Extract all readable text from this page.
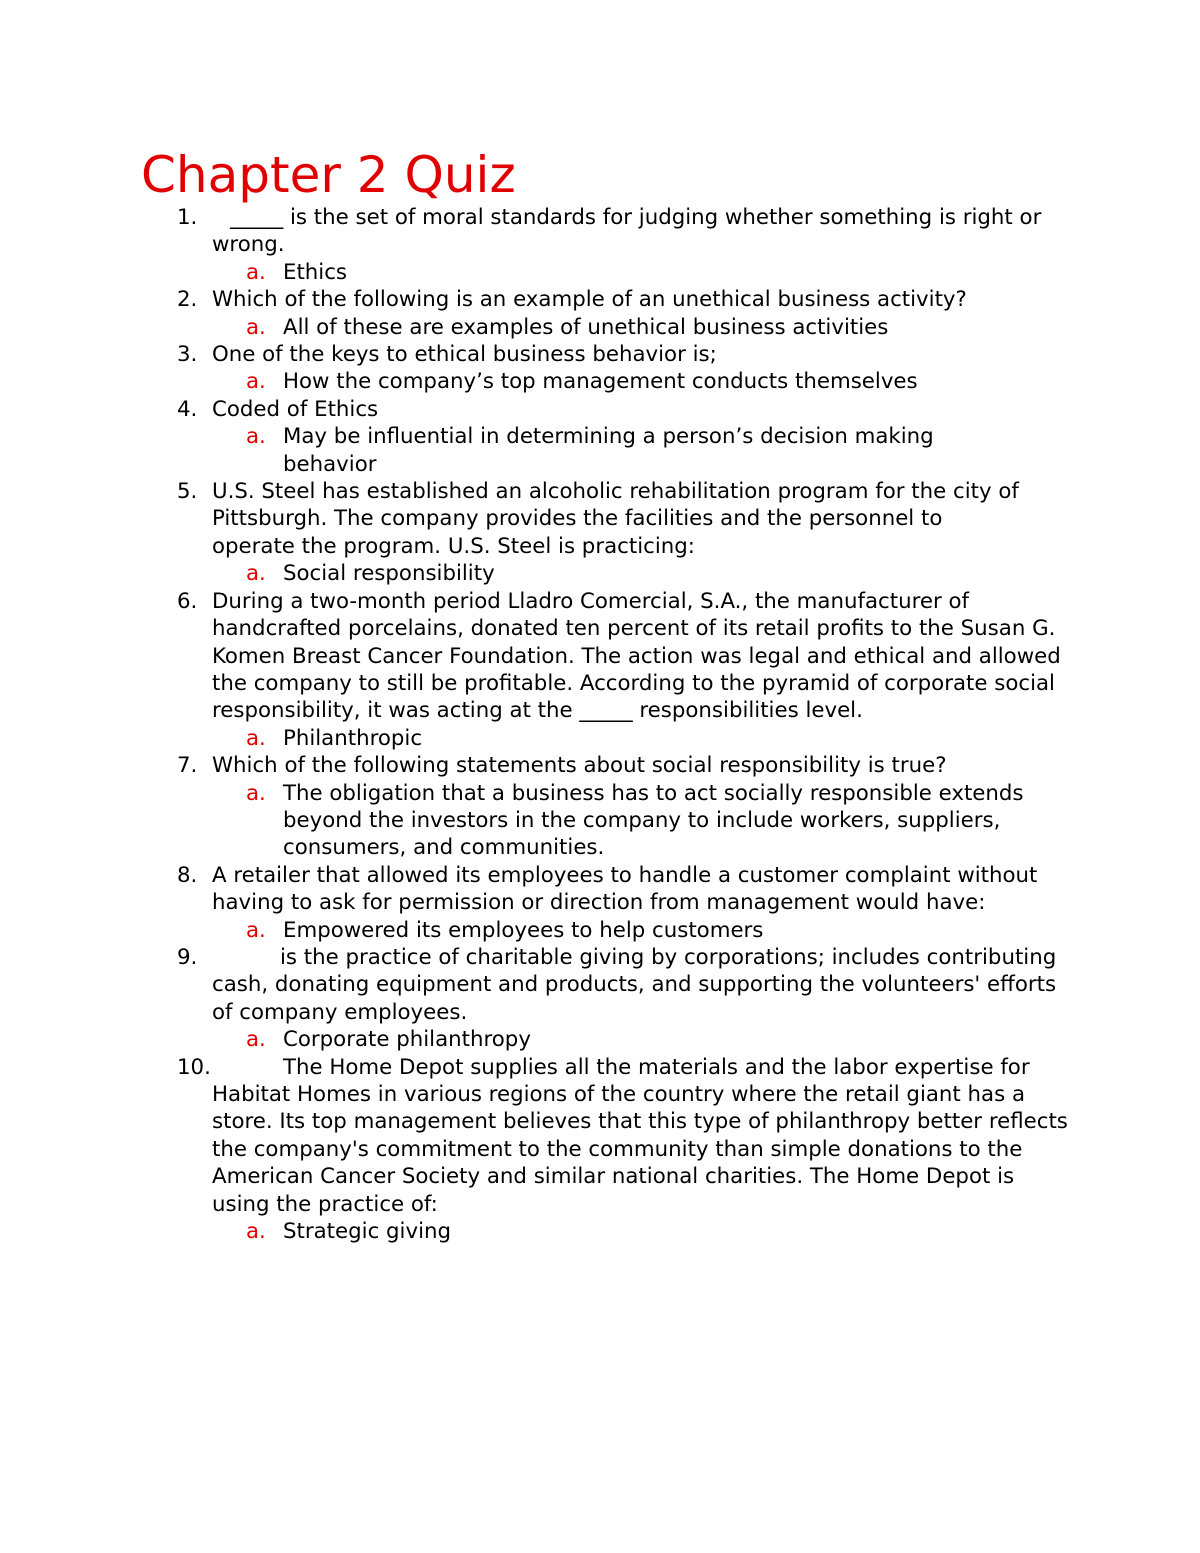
Chapter 2 Quiz
1.	_____ is the set of moral standards for judging whether something is right or wrong.
a. Ethics
2. Which of the following is an example of an unethical business activity?
a. All of these are examples of unethical business activities
3. One of the keys to ethical business behavior is;
a. How the company’s top management conducts themselves
4. Coded of Ethics
a. May be influential in determining a person’s decision making behavior
5. U.S. Steel has established an alcoholic rehabilitation program for the city of Pittsburgh. The company provides the facilities and the personnel to operate the program. U.S. Steel is practicing:
a. Social responsibility
6. During a two-month period Lladro Comercial, S.A., the manufacturer of handcrafted porcelains, donated ten percent of its retail profits to the Susan G. Komen Breast Cancer Foundation. The action was legal and ethical and allowed the company to still be profitable. According to the pyramid of corporate social responsibility, it was acting at the _____ responsibilities level.
a. Philanthropic
7. Which of the following statements about social responsibility is true?
a. The obligation that a business has to act socially responsible extends beyond the investors in the company to include workers, suppliers, consumers, and communities.
8. A retailer that allowed its employees to handle a customer complaint without having to ask for permission or direction from management would have:
a. Empowered its employees to help customers
9.	is the practice of charitable giving by corporations; includes contributing cash, donating equipment and products, and supporting the volunteers' efforts of company employees.
a. Corporate philanthropy
10.	The Home Depot supplies all the materials and the labor expertise for Habitat Homes in various regions of the country where the retail giant has a store. Its top management believes that this type of philanthropy better reflects the company's commitment to the community than simple donations to the American Cancer Society and similar national charities. The Home Depot is using the practice of:
a. Strategic giving
